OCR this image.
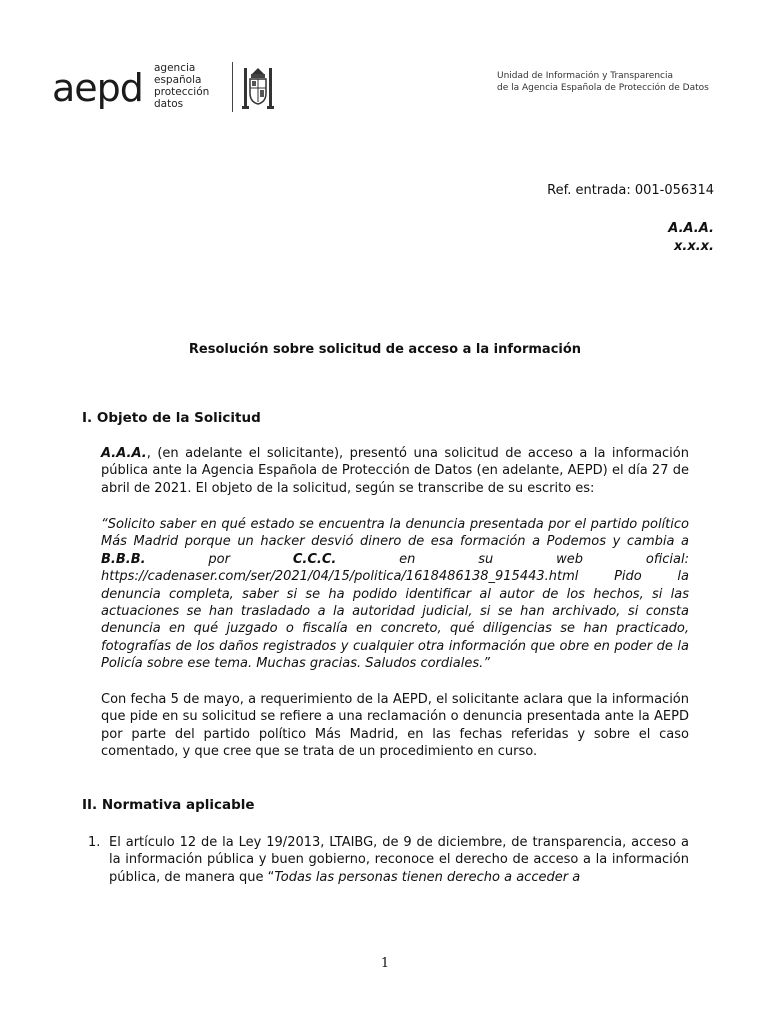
aepd agencia
española
protección
datos
Unidad de Información y Transparencia
de la Agencia Española de Protección de Datos
Ref. entrada: 001-056314
A.A.A.
x.x.x.
Resolución sobre solicitud de acceso a la información
I. Objeto de la Solicitud
A.A.A., (en adelante el solicitante), presentó una solicitud de acceso a la información pública ante la Agencia Española de Protección de Datos (en adelante, AEPD) el día 27 de abril de 2021. El objeto de la solicitud, según se transcribe de su escrito es:
“Solicito saber en qué estado se encuentra la denuncia presentada por el partido político Más Madrid porque un hacker desvió dinero de esa formación a Podemos y cambia a B.B.B. por C.C.C. en su web oficial: https://cadenaser.com/ser/2021/04/15/politica/1618486138_915443.html Pido la denuncia completa, saber si se ha podido identificar al autor de los hechos, si las actuaciones se han trasladado a la autoridad judicial, si se han archivado, si consta denuncia en qué juzgado o fiscalía en concreto, qué diligencias se han practicado, fotografías de los daños registrados y cualquier otra información que obre en poder de la Policía sobre ese tema. Muchas gracias. Saludos cordiales.”
Con fecha 5 de mayo, a requerimiento de la AEPD, el solicitante aclara que la información que pide en su solicitud se refiere a una reclamación o denuncia presentada ante la AEPD por parte del partido político Más Madrid, en las fechas referidas y sobre el caso comentado, y que cree que se trata de un procedimiento en curso.
II. Normativa aplicable
1. El artículo 12 de la Ley 19/2013, LTAIBG, de 9 de diciembre, de transparencia, acceso a la información pública y buen gobierno, reconoce el derecho de acceso a la información pública, de manera que “Todas las personas tienen derecho a acceder a
1
